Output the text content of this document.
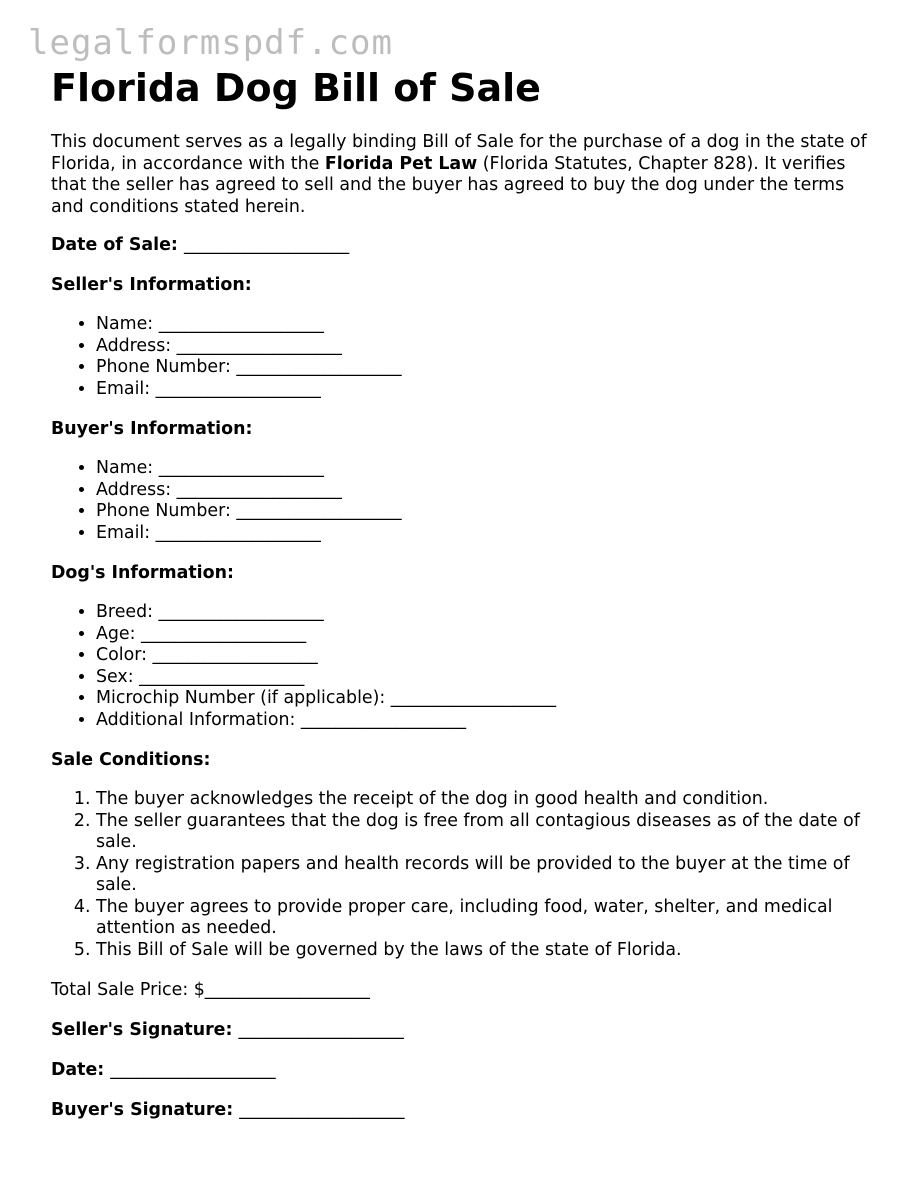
legalformspdf.com
Florida Dog Bill of Sale

This document serves as a legally binding Bill of Sale for the purchase of a dog in the state of Florida, in accordance with the Florida Pet Law (Florida Statutes, Chapter 828). It verifies that the seller has agreed to sell and the buyer has agreed to buy the dog under the terms and conditions stated herein.

Date of Sale: ___________________

Seller's Information:

• Name: ___________________
• Address: ___________________
• Phone Number: ___________________
• Email: ___________________

Buyer's Information:

• Name: ___________________
• Address: ___________________
• Phone Number: ___________________
• Email: ___________________

Dog's Information:

• Breed: ___________________
• Age: ___________________
• Color: ___________________
• Sex: ___________________
• Microchip Number (if applicable): ___________________
• Additional Information: ___________________

Sale Conditions:

1. The buyer acknowledges the receipt of the dog in good health and condition.
2. The seller guarantees that the dog is free from all contagious diseases as of the date of sale.
3. Any registration papers and health records will be provided to the buyer at the time of sale.
4. The buyer agrees to provide proper care, including food, water, shelter, and medical attention as needed.
5. This Bill of Sale will be governed by the laws of the state of Florida.

Total Sale Price: $___________________

Seller's Signature: ___________________

Date: ___________________

Buyer's Signature: ___________________
